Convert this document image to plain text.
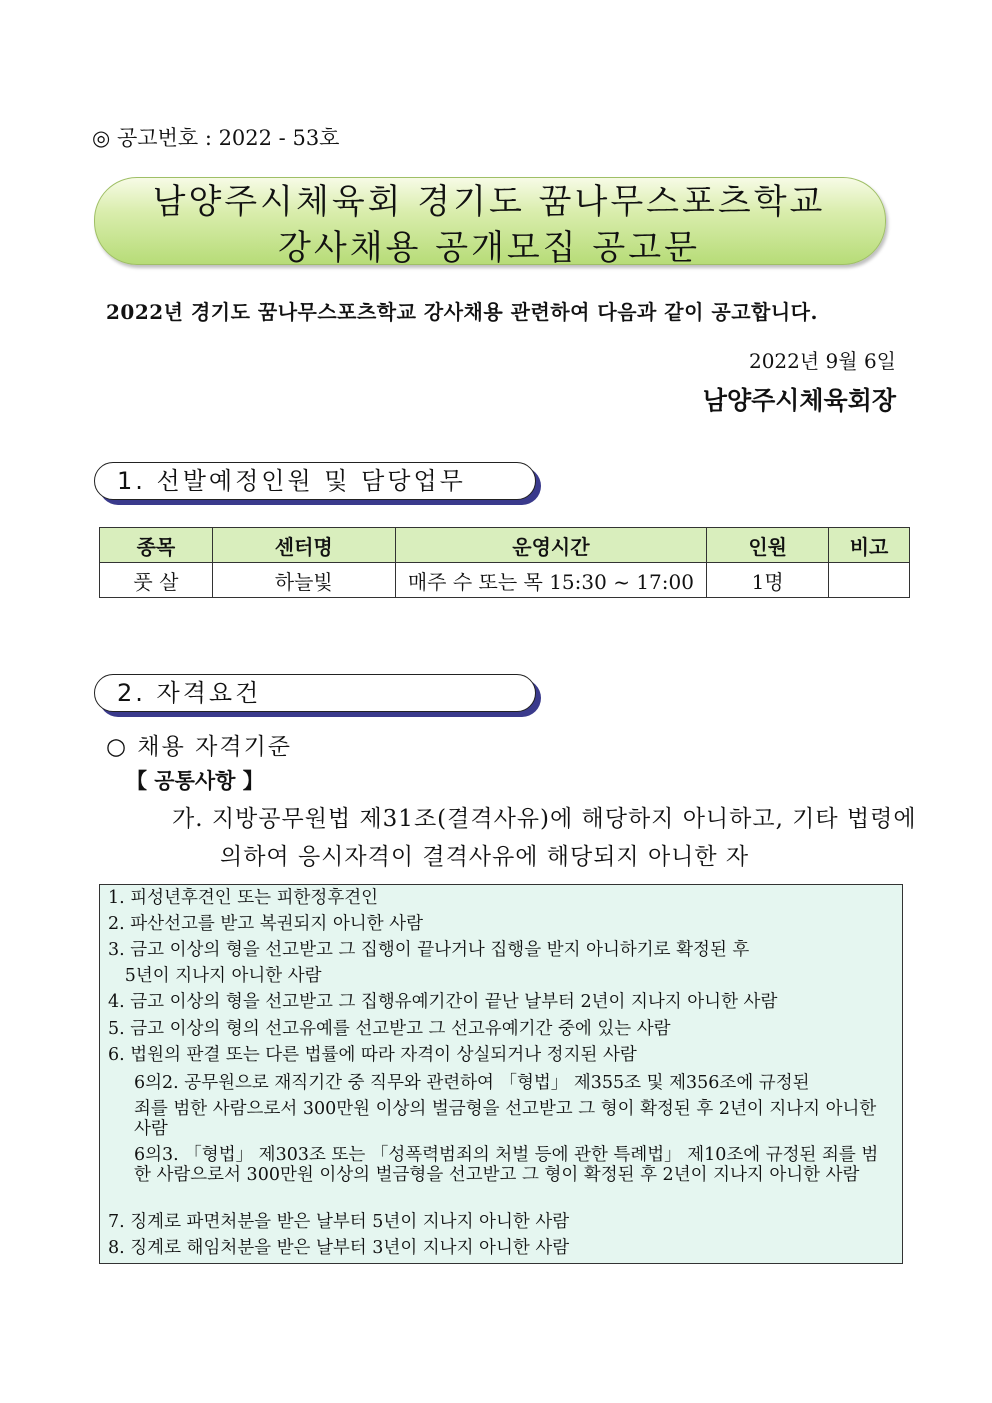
◎ 공고번호 : 2022 - 53호
남양주시체육회 경기도 꿈나무스포츠학교
강사채용 공개모집 공고문
2022년 경기도 꿈나무스포츠학교 강사채용 관련하여 다음과 같이 공고합니다.
2022년 9월 6일
남양주시체육회장
1. 선발예정인원 및 담당업무
종목	센터명	운영시간	인원	비고
풋 살	하늘빛	매주 수 또는 목 15:30 ~ 17:00	1명	
2. 자격요건
○ 채용 자격기준
【 공통사항 】
가. 지방공무원법 제31조(결격사유)에 해당하지 아니하고, 기타 법령에
의하여 응시자격이 결격사유에 해당되지 아니한 자
1. 피성년후견인 또는 피한정후견인
2. 파산선고를 받고 복권되지 아니한 사람
3. 금고 이상의 형을 선고받고 그 집행이 끝나거나 집행을 받지 아니하기로 확정된 후
5년이 지나지 아니한 사람
4. 금고 이상의 형을 선고받고 그 집행유예기간이 끝난 날부터 2년이 지나지 아니한 사람
5. 금고 이상의 형의 선고유예를 선고받고 그 선고유예기간 중에 있는 사람
6. 법원의 판결 또는 다른 법률에 따라 자격이 상실되거나 정지된 사람
6의2. 공무원으로 재직기간 중 직무와 관련하여 「형법」 제355조 및 제356조에 규정된
죄를 범한 사람으로서 300만원 이상의 벌금형을 선고받고 그 형이 확정된 후 2년이 지나지 아니한 사람
6의3. 「형법」 제303조 또는 「성폭력범죄의 처벌 등에 관한 특례법」 제10조에 규정된 죄를 범한 사람으로서 300만원 이상의 벌금형을 선고받고 그 형이 확정된 후 2년이 지나지 아니한 사람
7. 징계로 파면처분을 받은 날부터 5년이 지나지 아니한 사람
8. 징계로 해임처분을 받은 날부터 3년이 지나지 아니한 사람
